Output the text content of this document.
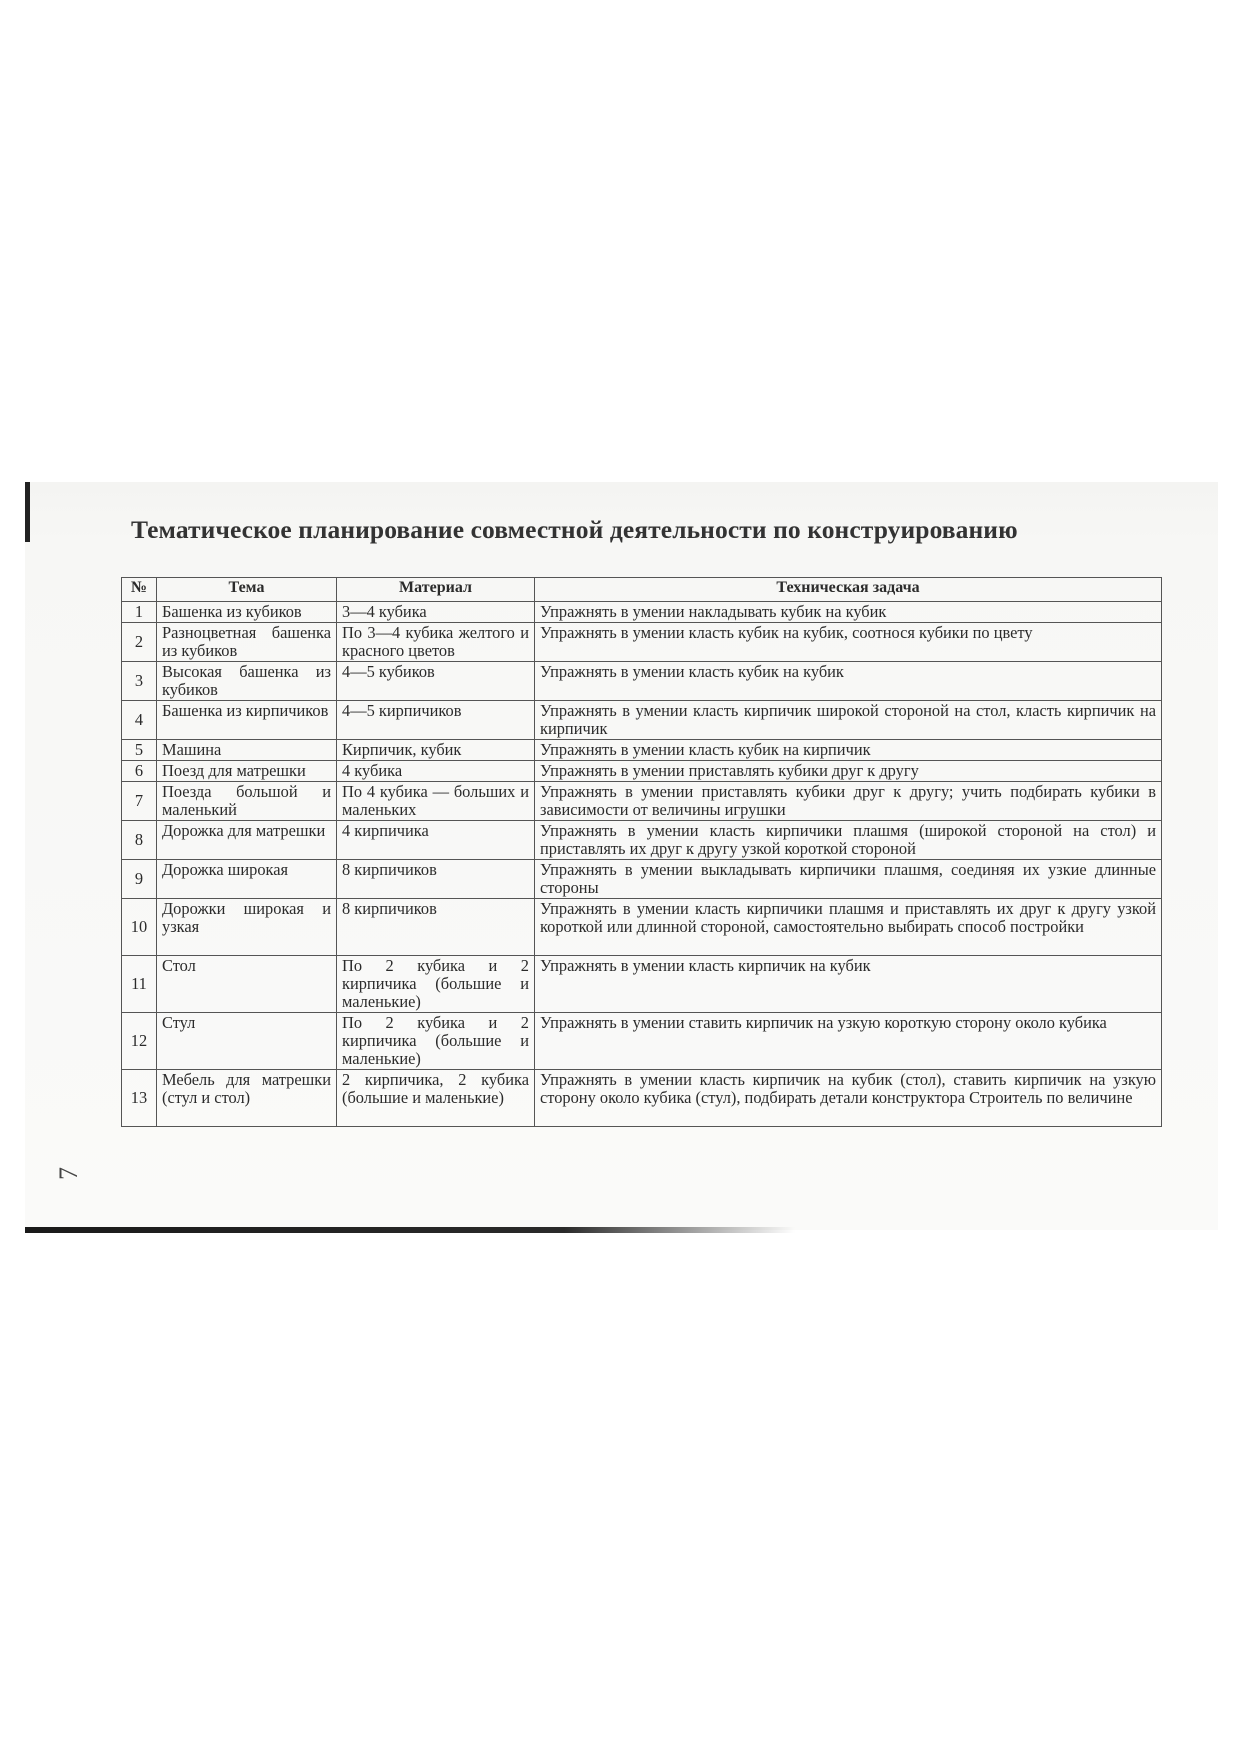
7
Тематическое планирование совместной деятельности по конструированию
№	Тема	Материал	Техническая задача
1	Башенка из кубиков	3—4 кубика	Упражнять в умении накладывать кубик на кубик
2	Разноцветная башенка из кубиков	По 3—4 кубика желтого и красного цветов	Упражнять в умении класть кубик на кубик, соотнося кубики по цвету
3	Высокая башенка из кубиков	4—5 кубиков	Упражнять в умении класть кубик на кубик
4	Башенка из кирпичиков	4—5 кирпичиков	Упражнять в умении класть кирпичик широкой стороной на стол, класть кирпичик на кирпичик
5	Машина	Кирпичик, кубик	Упражнять в умении класть кубик на кирпичик
6	Поезд для матрешки	4 кубика	Упражнять в умении приставлять кубики друг к другу
7	Поезда большой и маленький	По 4 кубика — больших и маленьких	Упражнять в умении приставлять кубики друг к другу; учить подбирать кубики в зависимости от величины игрушки
8	Дорожка для матрешки	4 кирпичика	Упражнять в умении класть кирпичики плашмя (широкой стороной на стол) и приставлять их друг к другу узкой короткой стороной
9	Дорожка широкая	8 кирпичиков	Упражнять в умении выкладывать кирпичики плашмя, соединяя их узкие длинные стороны
10	Дорожки широкая и узкая	8 кирпичиков	Упражнять в умении класть кирпичики плашмя и приставлять их друг к другу узкой короткой или длинной стороной, самостоятельно выбирать способ постройки
11	Стол	По 2 кубика и 2 кирпичика (большие и маленькие)	Упражнять в умении класть кирпичик на кубик
12	Стул	По 2 кубика и 2 кирпичика (большие и маленькие)	Упражнять в умении ставить кирпичик на узкую короткую сторону около кубика
13	Мебель для матрешки (стул и стол)	2 кирпичика, 2 кубика (большие и маленькие)	Упражнять в умении класть кирпичик на кубик (стол), ставить кирпичик на узкую сторону около кубика (стул), подбирать детали конструктора Строитель по величине
